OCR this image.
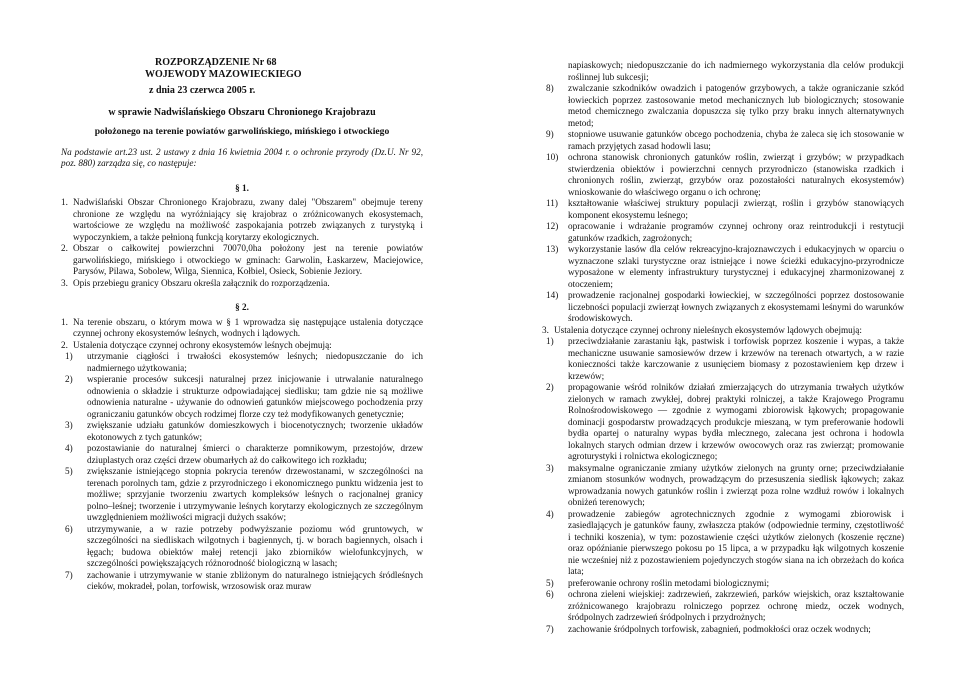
ROZPORZĄDZENIE Nr 68

WOJEWODY MAZOWIECKIEGO

z dnia 23 czerwca 2005 r.

w sprawie Nadwiślańskiego Obszaru Chronionego Krajobrazu

położonego na terenie powiatów garwolińskiego, mińskiego i otwockiego

Na podstawie art.23 ust. 2 ustawy z dnia 16 kwietnia 2004 r. o ochronie przyrody (Dz.U. Nr 92, poz. 880) zarządza się, co następuje:

§ 1.

1. Nadwiślański Obszar Chronionego Krajobrazu, zwany dalej "Obszarem" obejmuje tereny chronione ze względu na wyróżniający się krajobraz o zróżnicowanych ekosystemach, wartościowe ze względu na możliwość zaspokajania potrzeb związanych z turystyką i wypoczynkiem, a także pełnioną funkcją korytarzy ekologicznych.
2. Obszar o całkowitej powierzchni 70070,0ha położony jest na terenie powiatów garwolińskiego, mińskiego i otwockiego w gminach: Garwolin, Łaskarzew, Maciejowice, Parysów, Pilawa, Sobolew, Wilga, Siennica, Kołbiel, Osieck, Sobienie Jeziory.
3. Opis przebiegu granicy Obszaru określa załącznik do rozporządzenia.

§ 2.

1. Na terenie obszaru, o którym mowa w § 1 wprowadza się następujące ustalenia dotyczące czynnej ochrony ekosystemów leśnych, wodnych i lądowych.
2. Ustalenia dotyczące czynnej ochrony ekosystemów leśnych obejmują:
1)	utrzymanie ciągłości i trwałości ekosystemów leśnych; niedopuszczanie do ich nadmiernego użytkowania;
2)	wspieranie procesów sukcesji naturalnej przez inicjowanie i utrwalanie naturalnego odnowienia o składzie i strukturze odpowiadającej siedlisku; tam gdzie nie są możliwe odnowienia naturalne - używanie do odnowień gatunków miejscowego pochodzenia przy ograniczaniu gatunków obcych rodzimej florze czy też modyfikowanych genetycznie;
3)	zwiększanie udziału gatunków domieszkowych i biocenotycznych; tworzenie układów ekotonowych z tych gatunków;
4)	pozostawianie do naturalnej śmierci o charakterze pomnikowym, przestojów, drzew dziuplastych oraz części drzew obumarłych aż do całkowitego ich rozkładu;
5)	zwiększanie istniejącego stopnia pokrycia terenów drzewostanami, w szczególności na terenach porolnych tam, gdzie z przyrodniczego i ekonomicznego punktu widzenia jest to możliwe; sprzyjanie tworzeniu zwartych kompleksów leśnych o racjonalnej granicy polno–leśnej; tworzenie i utrzymywanie leśnych korytarzy ekologicznych ze szczególnym uwzględnieniem możliwości migracji dużych ssaków;
6)	utrzymywanie, a w razie potrzeby podwyższanie poziomu wód gruntowych, w szczególności na siedliskach wilgotnych i bagiennych, tj. w borach bagiennych, olsach i łęgach; budowa obiektów małej retencji jako zbiorników wielofunkcyjnych, w szczególności powiększających różnorodność biologiczną w lasach;
7)	zachowanie i utrzymywanie w stanie zbliżonym do naturalnego istniejących śródleśnych cieków, mokradeł, polan, torfowisk, wrzosowisk oraz muraw

napiaskowych; niedopuszczanie do ich nadmiernego wykorzystania dla celów produkcji roślinnej lub sukcesji;

8)	zwalczanie szkodników owadzich i patogenów grzybowych, a także ograniczanie szkód łowieckich poprzez zastosowanie metod mechanicznych lub biologicznych; stosowanie metod chemicznego zwalczania dopuszcza się tylko przy braku innych alternatywnych metod;
9)	stopniowe usuwanie gatunków obcego pochodzenia, chyba że zaleca się ich stosowanie w ramach przyjętych zasad hodowli lasu;
10)	ochrona stanowisk chronionych gatunków roślin, zwierząt i grzybów; w przypadkach stwierdzenia obiektów i powierzchni cennych przyrodniczo (stanowiska rzadkich i chronionych roślin, zwierząt, grzybów oraz pozostałości naturalnych ekosystemów) wnioskowanie do właściwego organu o ich ochronę;
11)	kształtowanie właściwej struktury populacji zwierząt, roślin i grzybów stanowiących komponent ekosystemu leśnego;
12)	opracowanie i wdrażanie programów czynnej ochrony oraz reintrodukcji i restytucji gatunków rzadkich, zagrożonych;
13)	wykorzystanie lasów dla celów rekreacyjno-krajoznawczych i edukacyjnych w oparciu o wyznaczone szlaki turystyczne oraz istniejące i nowe ścieżki edukacyjno-przyrodnicze wyposażone w elementy infrastruktury turystycznej i edukacyjnej zharmonizowanej z otoczeniem;
14)	prowadzenie racjonalnej gospodarki łowieckiej, w szczególności poprzez dostosowanie liczebności populacji zwierząt łownych związanych z ekosystemami leśnymi do warunków środowiskowych.
3. Ustalenia dotyczące czynnej ochrony nieleśnych ekosystemów lądowych obejmują:
1)	przeciwdziałanie zarastaniu łąk, pastwisk i torfowisk poprzez koszenie i wypas, a także mechaniczne usuwanie samosiewów drzew i krzewów na terenach otwartych, a w razie konieczności także karczowanie z usunięciem biomasy z pozostawieniem kęp drzew i krzewów;
2)	propagowanie wśród rolników działań zmierzających do utrzymania trwałych użytków zielonych w ramach zwykłej, dobrej praktyki rolniczej, a także Krajowego Programu Rolnośrodowiskowego — zgodnie z wymogami zbiorowisk łąkowych; propagowanie dominacji gospodarstw prowadzących produkcje mieszaną, w tym preferowanie hodowli bydła opartej o naturalny wypas bydła mlecznego, zalecana jest ochrona i hodowla lokalnych starych odmian drzew i krzewów owocowych oraz ras zwierząt; promowanie agroturystyki i rolnictwa ekologicznego;
3)	maksymalne ograniczanie zmiany użytków zielonych na grunty orne; przeciwdziałanie zmianom stosunków wodnych, prowadzącym do przesuszenia siedlisk łąkowych; zakaz wprowadzania nowych gatunków roślin i zwierząt poza rolne wzdłuż rowów i lokalnych obniżeń terenowych;
4)	prowadzenie zabiegów agrotechnicznych zgodnie z wymogami zbiorowisk i zasiedlających je gatunków fauny, zwłaszcza ptaków (odpowiednie terminy, częstotliwość i techniki koszenia), w tym: pozostawienie części użytków zielonych (koszenie ręczne) oraz opóźnianie pierwszego pokosu po 15 lipca, a w przypadku łąk wilgotnych koszenie nie wcześniej niż z pozostawieniem pojedynczych stogów siana na ich obrzeżach do końca lata;
5)	preferowanie ochrony roślin metodami biologicznymi;
6)	ochrona zieleni wiejskiej: zadrzewień, zakrzewień, parków wiejskich, oraz kształtowanie zróżnicowanego krajobrazu rolniczego poprzez ochronę miedz, oczek wodnych, śródpolnych zadrzewień śródpolnych i przydrożnych;
7)	zachowanie śródpolnych torfowisk, zabagnień, podmokłości oraz oczek wodnych;
